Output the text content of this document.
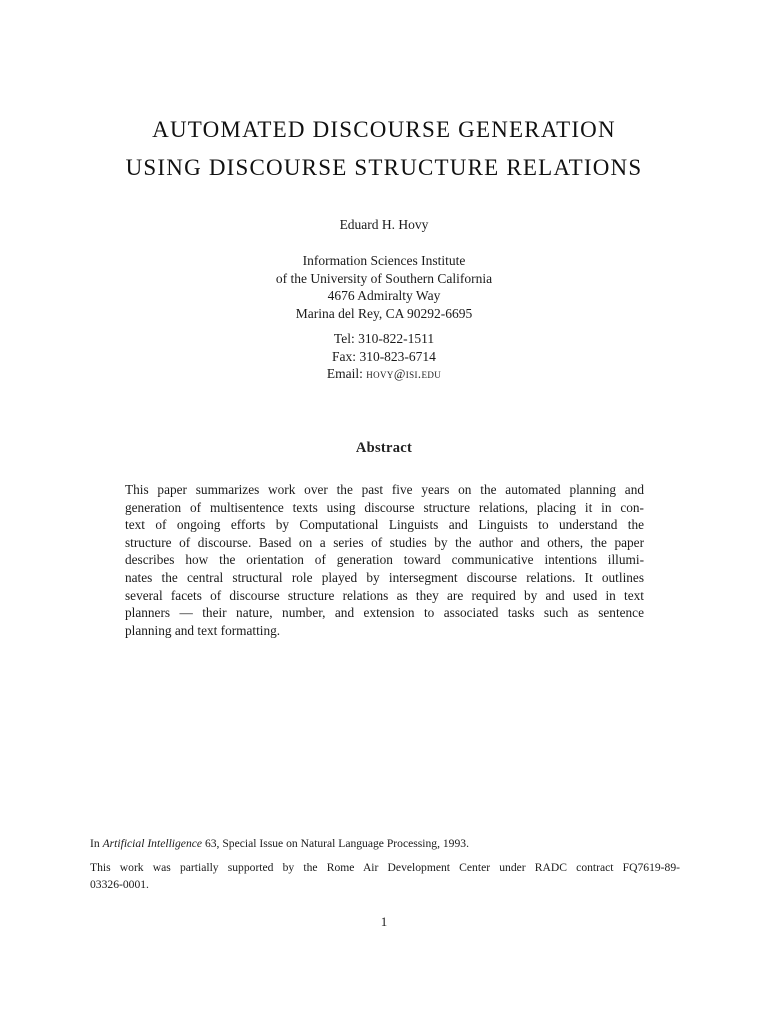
AUTOMATED DISCOURSE GENERATION
USING DISCOURSE STRUCTURE RELATIONS
Eduard H. Hovy
Information Sciences Institute
of the University of Southern California
4676 Admiralty Way
Marina del Rey, CA 90292-6695
Tel: 310-822-1511
Fax: 310-823-6714
Email: hovy@isi.edu
Abstract
This paper summarizes work over the past five years on the automated planning and
generation of multisentence texts using discourse structure relations, placing it in con-
text of ongoing efforts by Computational Linguists and Linguists to understand the
structure of discourse. Based on a series of studies by the author and others, the paper
describes how the orientation of generation toward communicative intentions illumi-
nates the central structural role played by intersegment discourse relations. It outlines
several facets of discourse structure relations as they are required by and used in text
planners — their nature, number, and extension to associated tasks such as sentence
planning and text formatting.
In Artificial Intelligence 63, Special Issue on Natural Language Processing, 1993.
This work was partially supported by the Rome Air Development Center under RADC contract FQ7619-89-
03326-0001.
1
